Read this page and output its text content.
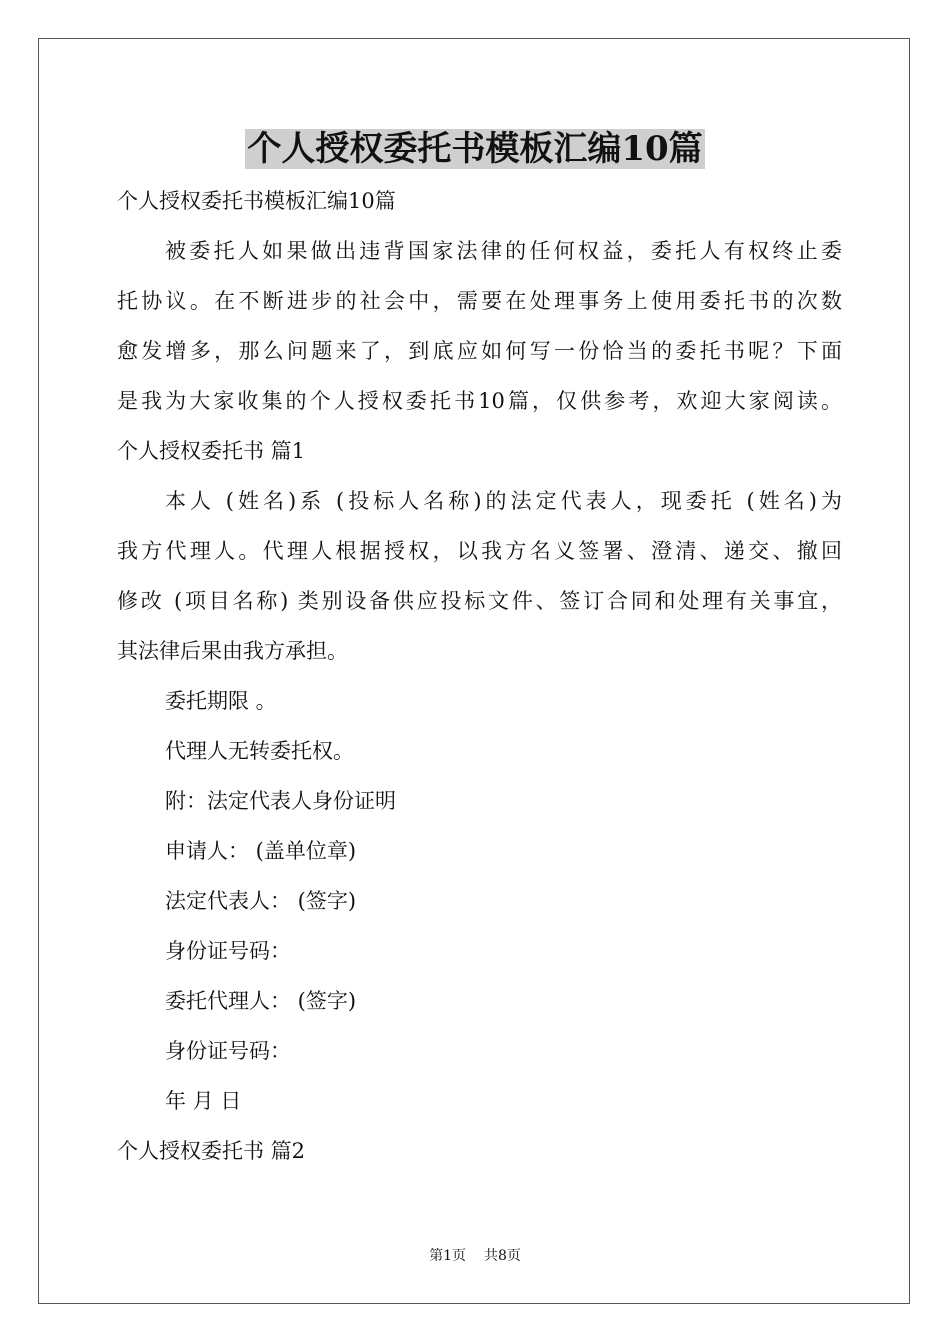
个人授权委托书模板汇编10篇
个人授权委托书模板汇编10篇
被委托人如果做出违背国家法律的任何权益，委托人有权终止委
托协议。在不断进步的社会中，需要在处理事务上使用委托书的次数
愈发增多，那么问题来了，到底应如何写一份恰当的委托书呢？下面
是我为大家收集的个人授权委托书10篇，仅供参考，欢迎大家阅读。
个人授权委托书 篇1
本人 (姓名)系 (投标人名称)的法定代表人，现委托 (姓名)为
我方代理人。代理人根据授权，以我方名义签署、澄清、递交、撤回
修改 (项目名称) 类别设备供应投标文件、签订合同和处理有关事宜，
其法律后果由我方承担。
委托期限 。
代理人无转委托权。
附：法定代表人身份证明
申请人： (盖单位章)
法定代表人： (签字)
身份证号码：
委托代理人： (签字)
身份证号码：
年 月 日
个人授权委托书 篇2
第1页 共8页
